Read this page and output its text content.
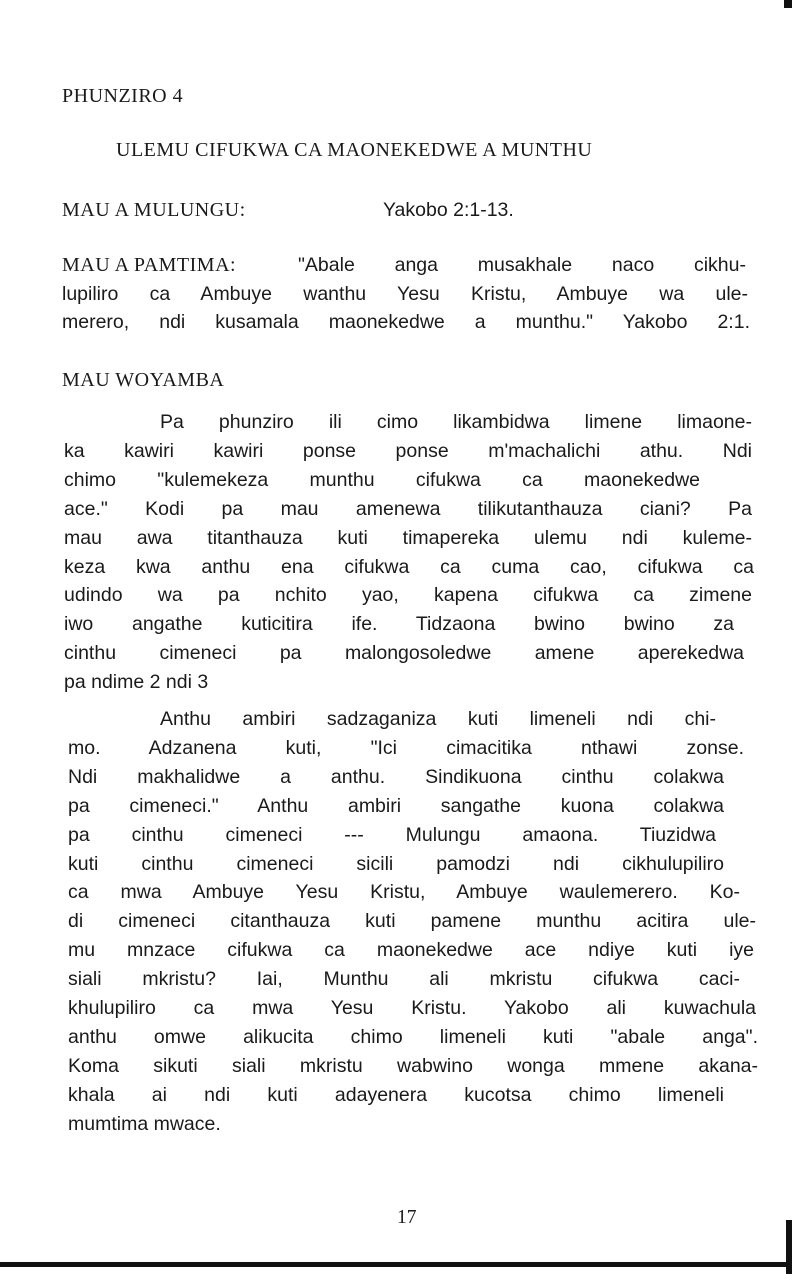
PHUNZIRO 4
ULEMU CIFUKWA CA MAONEKEDWE A MUNTHU
MAU A MULUNGU:	Yakobo 2:1-13.
MAU A PAMTIMA:	"Abale anga musakhale naco cikhu-
lupiliro ca Ambuye wanthu Yesu Kristu, Ambuye wa ule-
merero, ndi kusamala maonekedwe a munthu." Yakobo 2:1.
MAU WOYAMBA
Pa phunziro ili cimo likambidwa limene limaone-
ka kawiri kawiri ponse ponse m'machalichi athu. Ndi
chimo "kulemekeza munthu cifukwa ca maonekedwe
ace." Kodi pa mau amenewa tilikutanthauza ciani? Pa
mau awa titanthauza kuti timapereka ulemu ndi kuleme-
keza kwa anthu ena cifukwa ca cuma cao, cifukwa ca
udindo wa pa nchito yao, kapena cifukwa ca zimene
iwo angathe kuticitira ife. Tidzaona bwino bwino za
cinthu cimeneci pa malongosoledwe amene aperekedwa
pa ndime 2 ndi 3
Anthu ambiri sadzaganiza kuti limeneli ndi chi-
mo. Adzanena kuti, "Ici cimacitika nthawi zonse.
Ndi makhalidwe a anthu. Sindikuona cinthu colakwa
pa cimeneci." Anthu ambiri sangathe kuona colakwa
pa cinthu cimeneci --- Mulungu amaona. Tiuzidwa
kuti cinthu cimeneci sicili pamodzi ndi cikhulupiliro
ca mwa Ambuye Yesu Kristu, Ambuye waulemerero. Ko-
di cimeneci citanthauza kuti pamene munthu acitira ule-
mu mnzace cifukwa ca maonekedwe ace ndiye kuti iye
siali mkristu? Iai, Munthu ali mkristu cifukwa caci-
khulupiliro ca mwa Yesu Kristu. Yakobo ali kuwachula
anthu omwe alikucita chimo limeneli kuti "abale anga".
Koma sikuti siali mkristu wabwino wonga mmene akana-
khala ai ndi kuti adayenera kucotsa chimo limeneli
mumtima mwace.
17
